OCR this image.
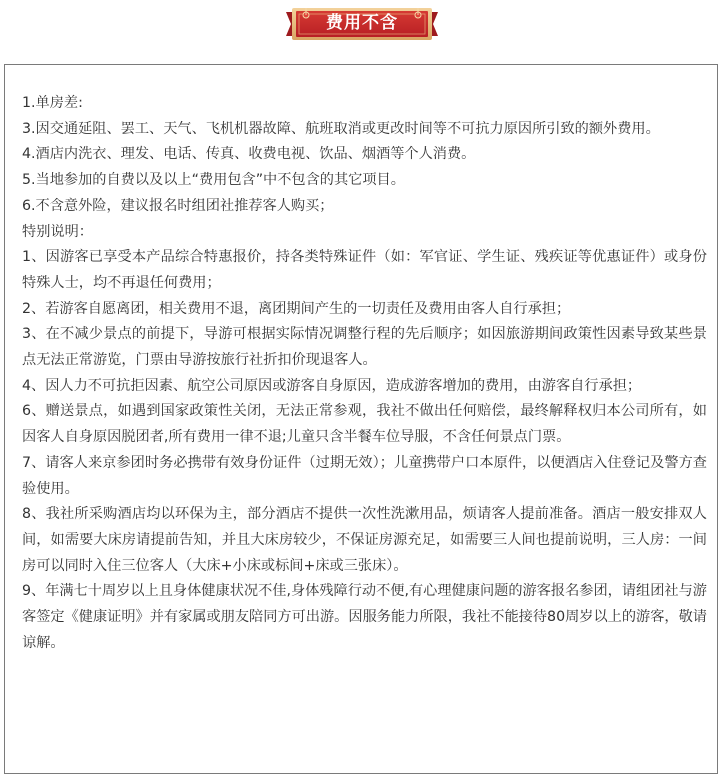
费用不含

1.单房差:

3.因交通延阻、罢工、天气、飞机机器故障、航班取消或更改时间等不可抗力原因所引致的额外费用。

4.酒店内洗衣、理发、电话、传真、收费电视、饮品、烟酒等个人消费。

5.当地参加的自费以及以上“费用包含”中不包含的其它项目。

6.不含意外险，建议报名时组团社推荐客人购买；

特别说明：

1、因游客已享受本产品综合特惠报价，持各类特殊证件（如：军官证、学生证、残疾证等优惠证件）或身份特殊人士，均不再退任何费用；

2、若游客自愿离团，相关费用不退，离团期间产生的一切责任及费用由客人自行承担；

3、在不减少景点的前提下，导游可根据实际情况调整行程的先后顺序；如因旅游期间政策性因素导致某些景点无法正常游览，门票由导游按旅行社折扣价现退客人。

4、因人力不可抗拒因素、航空公司原因或游客自身原因，造成游客增加的费用，由游客自行承担；

6、赠送景点，如遇到国家政策性关闭，无法正常参观，我社不做出任何赔偿，最终解释权归本公司所有，如因客人自身原因脱团者,所有费用一律不退;儿童只含半餐车位导服，不含任何景点门票。

7、请客人来京参团时务必携带有效身份证件（过期无效）；儿童携带户口本原件，以便酒店入住登记及警方查验使用。

8、我社所采购酒店均以环保为主，部分酒店不提供一次性洗漱用品，烦请客人提前准备。酒店一般安排双人间，如需要大床房请提前告知，并且大床房较少，不保证房源充足，如需要三人间也提前说明，三人房：一间房可以同时入住三位客人（大床+小床或标间+床或三张床）。

9、年满七十周岁以上且身体健康状况不佳,身体残障行动不便,有心理健康问题的游客报名参团，请组团社与游客签定《健康证明》并有家属或朋友陪同方可出游。因服务能力所限，我社不能接待80周岁以上的游客，敬请谅解。
